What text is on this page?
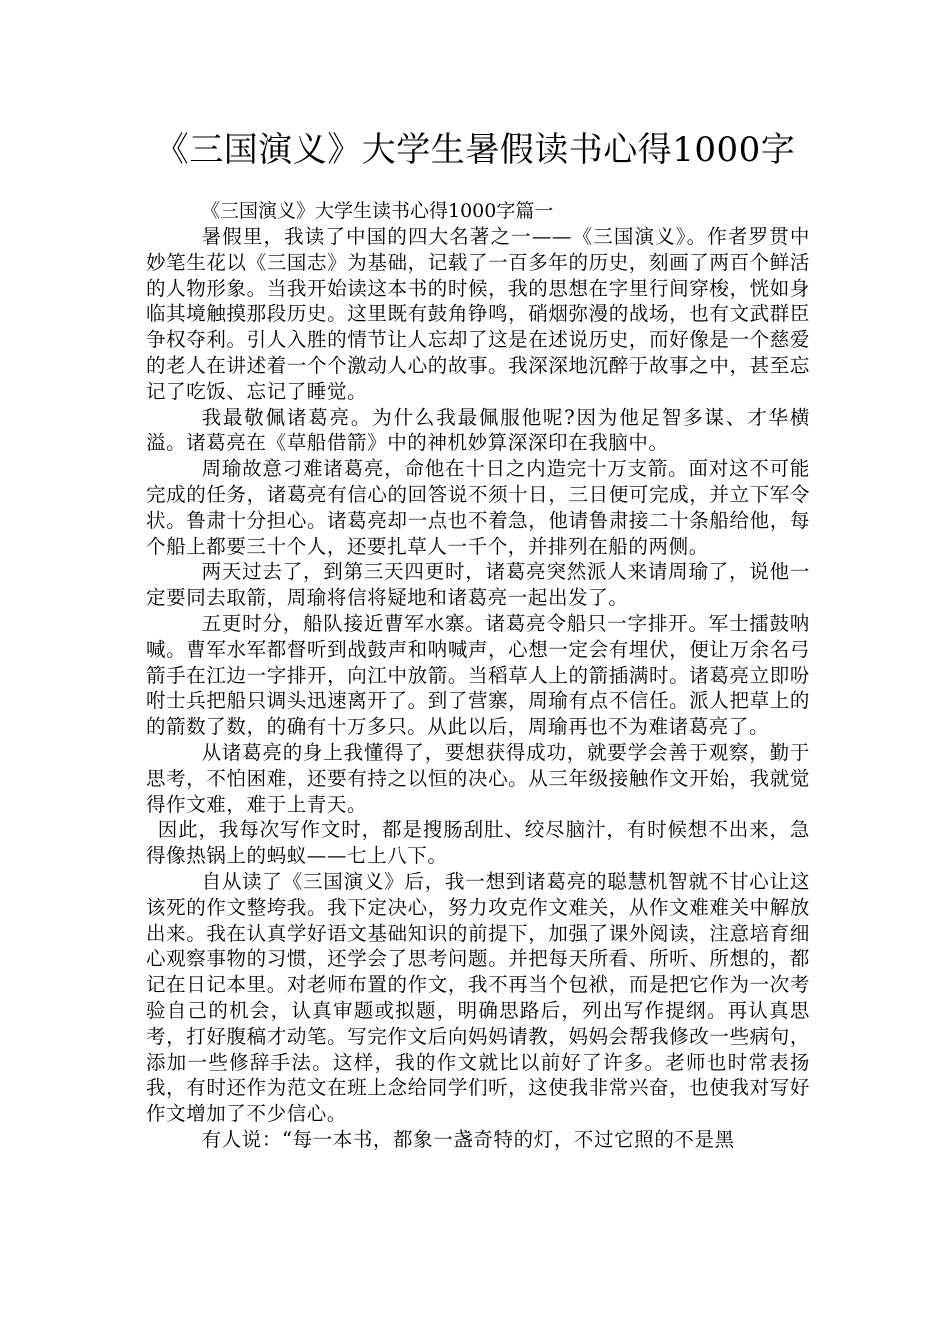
《三国演义》大学生暑假读书心得1000字

《三国演义》大学生读书心得1000字篇一

暑假里，我读了中国的四大名著之一——《三国演义》。作者罗贯中妙笔生花以《三国志》为基础，记载了一百多年的历史，刻画了两百个鲜活的人物形象。当我开始读这本书的时候，我的思想在字里行间穿梭，恍如身临其境触摸那段历史。这里既有鼓角铮鸣，硝烟弥漫的战场，也有文武群臣争权夺利。引人入胜的情节让人忘却了这是在述说历史，而好像是一个慈爱的老人在讲述着一个个激动人心的故事。我深深地沉醉于故事之中，甚至忘记了吃饭、忘记了睡觉。

我最敬佩诸葛亮。为什么我最佩服他呢?因为他足智多谋、才华横溢。诸葛亮在《草船借箭》中的神机妙算深深印在我脑中。

周瑜故意刁难诸葛亮，命他在十日之内造完十万支箭。面对这不可能完成的任务，诸葛亮有信心的回答说不须十日，三日便可完成，并立下军令状。鲁肃十分担心。诸葛亮却一点也不着急，他请鲁肃接二十条船给他，每个船上都要三十个人，还要扎草人一千个，并排列在船的两侧。

两天过去了，到第三天四更时，诸葛亮突然派人来请周瑜了，说他一定要同去取箭，周瑜将信将疑地和诸葛亮一起出发了。

五更时分，船队接近曹军水寨。诸葛亮令船只一字排开。军士擂鼓呐喊。曹军水军都督听到战鼓声和呐喊声，心想一定会有埋伏，便让万余名弓箭手在江边一字排开，向江中放箭。当稻草人上的箭插满时。诸葛亮立即吩咐士兵把船只调头迅速离开了。到了营寨，周瑜有点不信任。派人把草上的的箭数了数，的确有十万多只。从此以后，周瑜再也不为难诸葛亮了。

从诸葛亮的身上我懂得了，要想获得成功，就要学会善于观察，勤于思考，不怕困难，还要有持之以恒的决心。从三年级接触作文开始，我就觉得作文难，难于上青天。

因此，我每次写作文时，都是搜肠刮肚、绞尽脑汁，有时候想不出来，急得像热锅上的蚂蚁——七上八下。

自从读了《三国演义》后，我一想到诸葛亮的聪慧机智就不甘心让这该死的作文整垮我。我下定决心，努力攻克作文难关，从作文难难关中解放出来。我在认真学好语文基础知识的前提下，加强了课外阅读，注意培育细心观察事物的习惯，还学会了思考问题。并把每天所看、所听、所想的，都记在日记本里。对老师布置的作文，我不再当个包袱，而是把它作为一次考验自己的机会，认真审题或拟题，明确思路后，列出写作提纲。再认真思考，打好腹稿才动笔。写完作文后向妈妈请教，妈妈会帮我修改一些病句，添加一些修辞手法。这样，我的作文就比以前好了许多。老师也时常表扬我，有时还作为范文在班上念给同学们听，这使我非常兴奋，也使我对写好作文增加了不少信心。

有人说：“每一本书，都象一盏奇特的灯，不过它照的不是黑
